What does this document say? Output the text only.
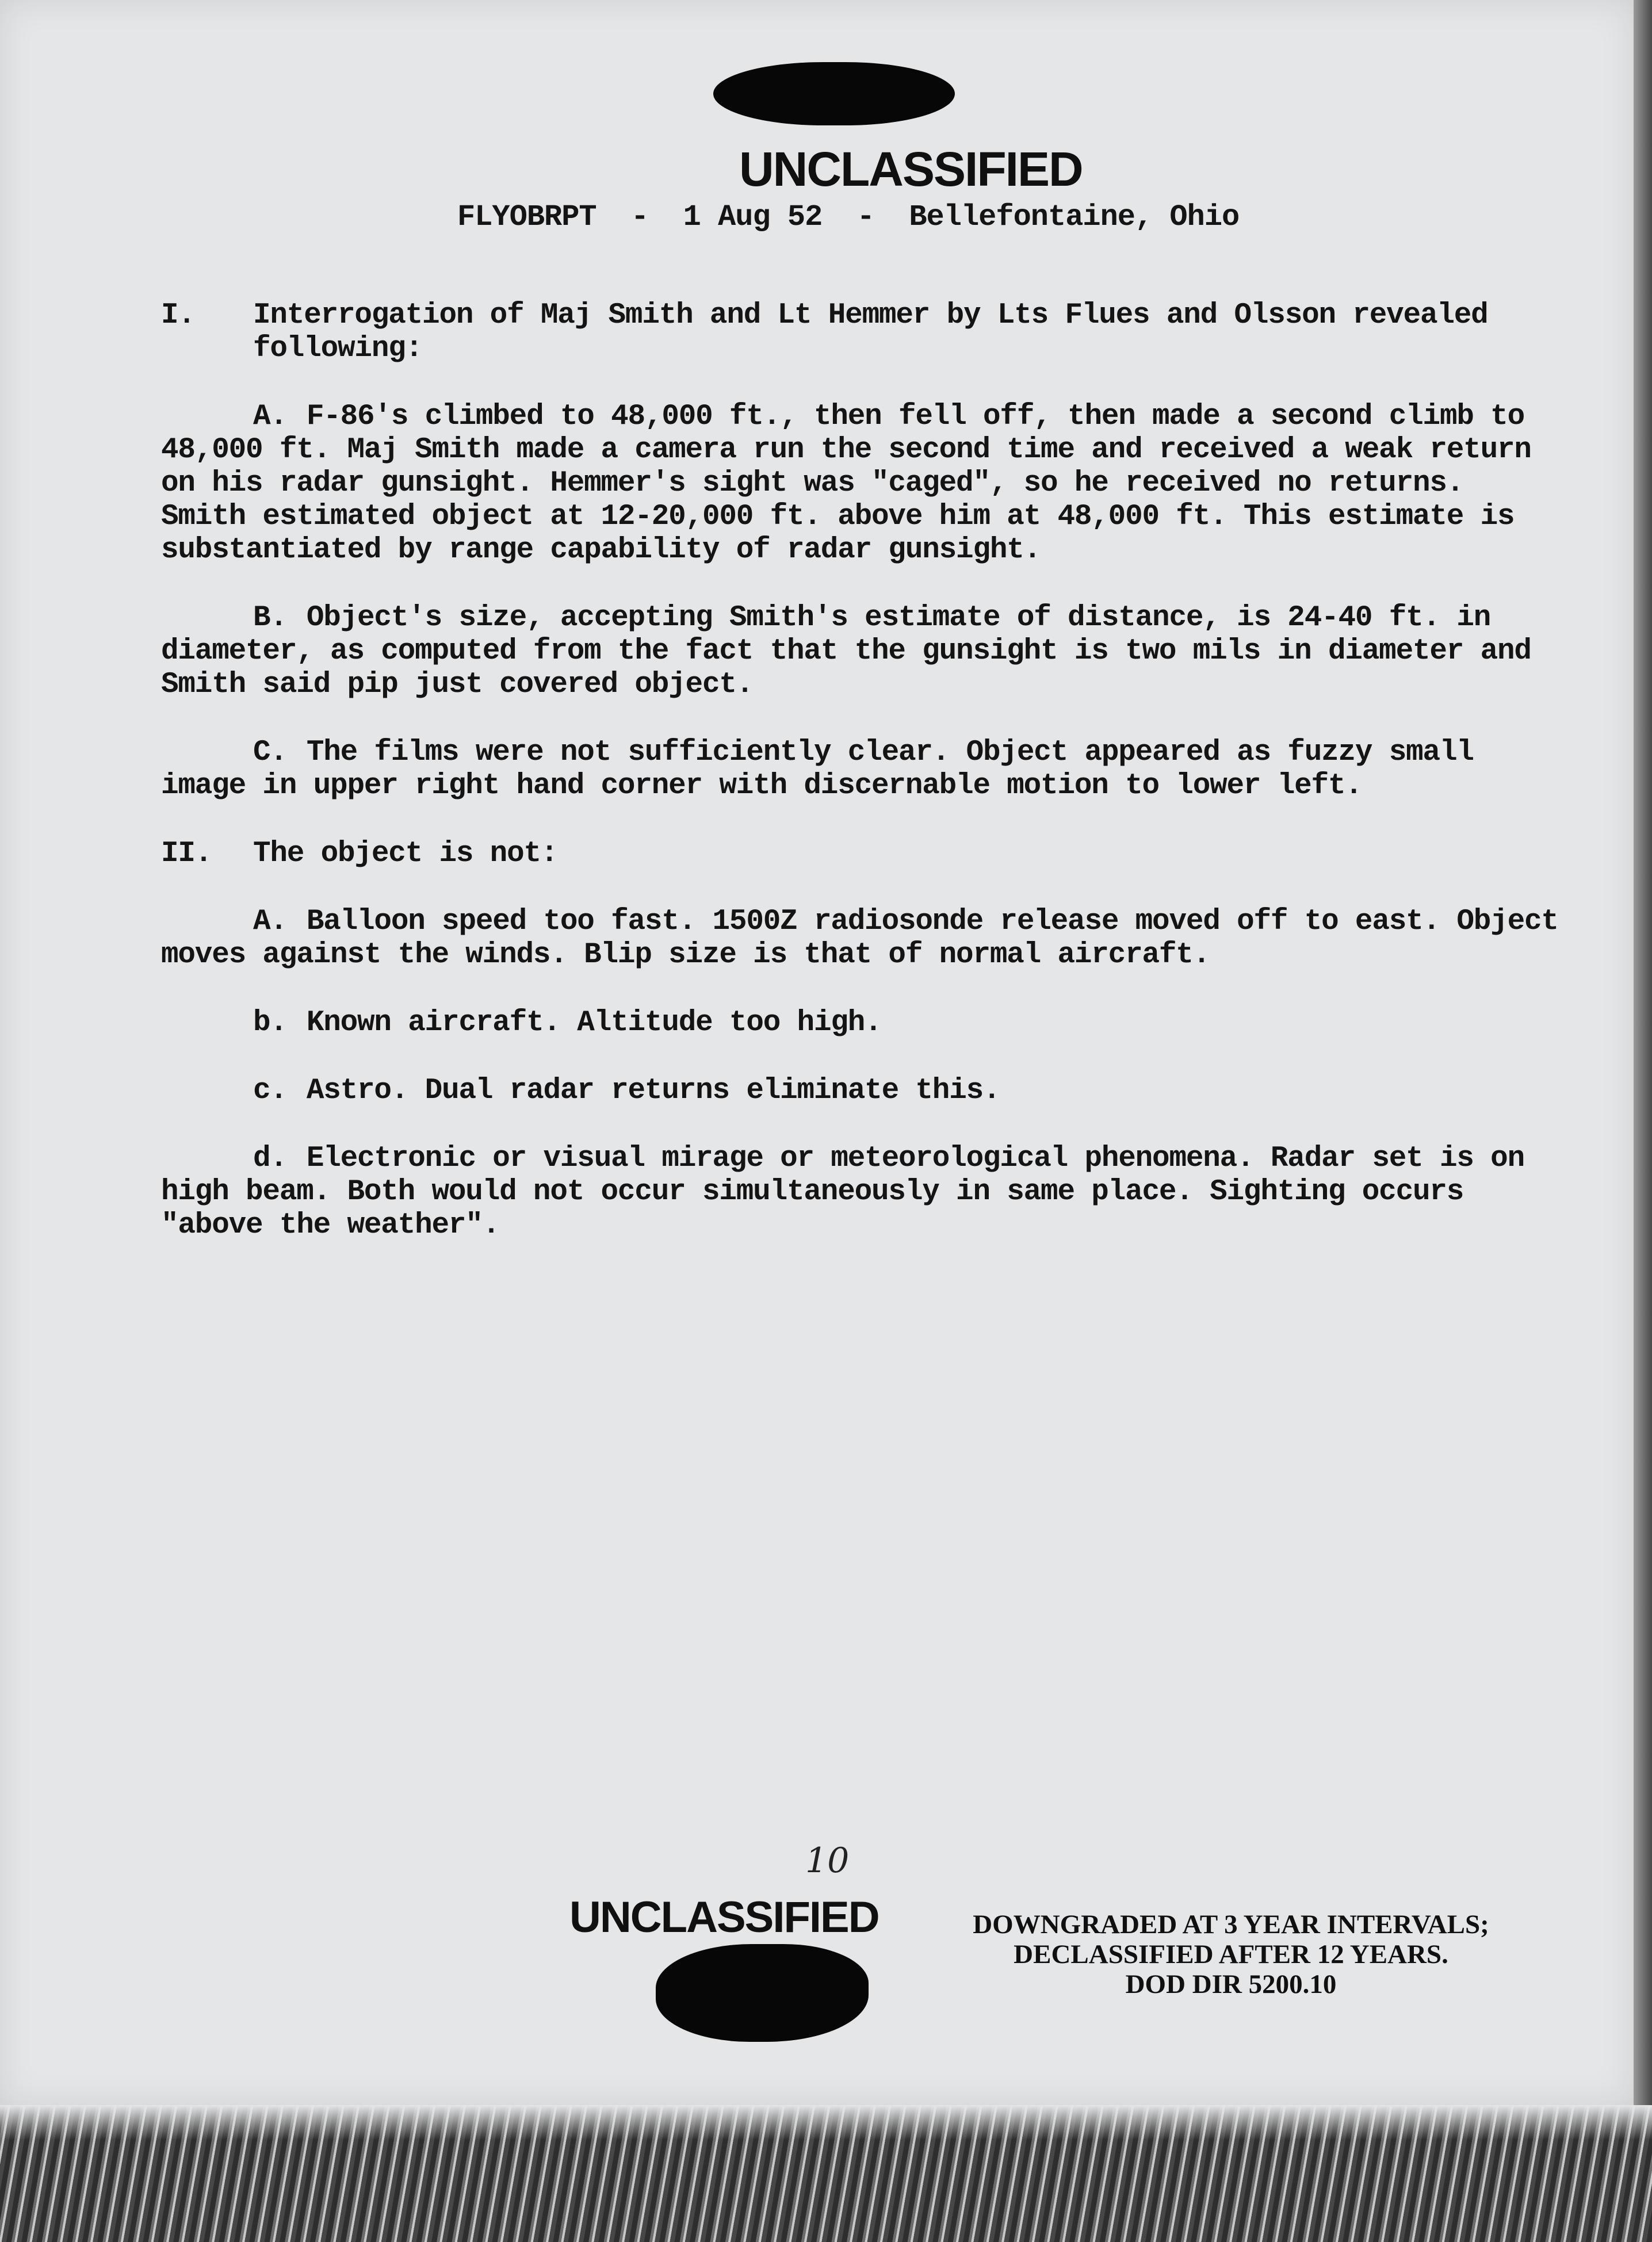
UNCLASSIFIED
FLYOBRPT  -  1 Aug 52  -  Bellefontaine, Ohio
I.	Interrogation of Maj Smith and Lt Hemmer by Lts Flues and Olsson revealed following:

A. F-86's climbed to 48,000 ft., then fell off, then made a second climb to 48,000 ft. Maj Smith made a camera run the second time and received a weak return on his radar gunsight. Hemmer's sight was "caged", so he received no returns. Smith estimated object at 12-20,000 ft. above him at 48,000 ft. This estimate is substantiated by range capability of radar gunsight.

B. Object's size, accepting Smith's estimate of distance, is 24-40 ft. in diameter, as computed from the fact that the gunsight is two mils in diameter and Smith said pip just covered object.

C. The films were not sufficiently clear. Object appeared as fuzzy small image in upper right hand corner with discernable motion to lower left.

II.	The object is not:

A. Balloon speed too fast. 1500Z radiosonde release moved off to east. Object moves against the winds. Blip size is that of normal aircraft.

b. Known aircraft. Altitude too high.

c. Astro. Dual radar returns eliminate this.

d. Electronic or visual mirage or meteorological phenomena. Radar set is on high beam. Both would not occur simultaneously in same place. Sighting occurs "above the weather".

10
UNCLASSIFIED	DOWNGRADED AT 3 YEAR INTERVALS;
DECLASSIFIED AFTER 12 YEARS.
DOD DIR 5200.10
